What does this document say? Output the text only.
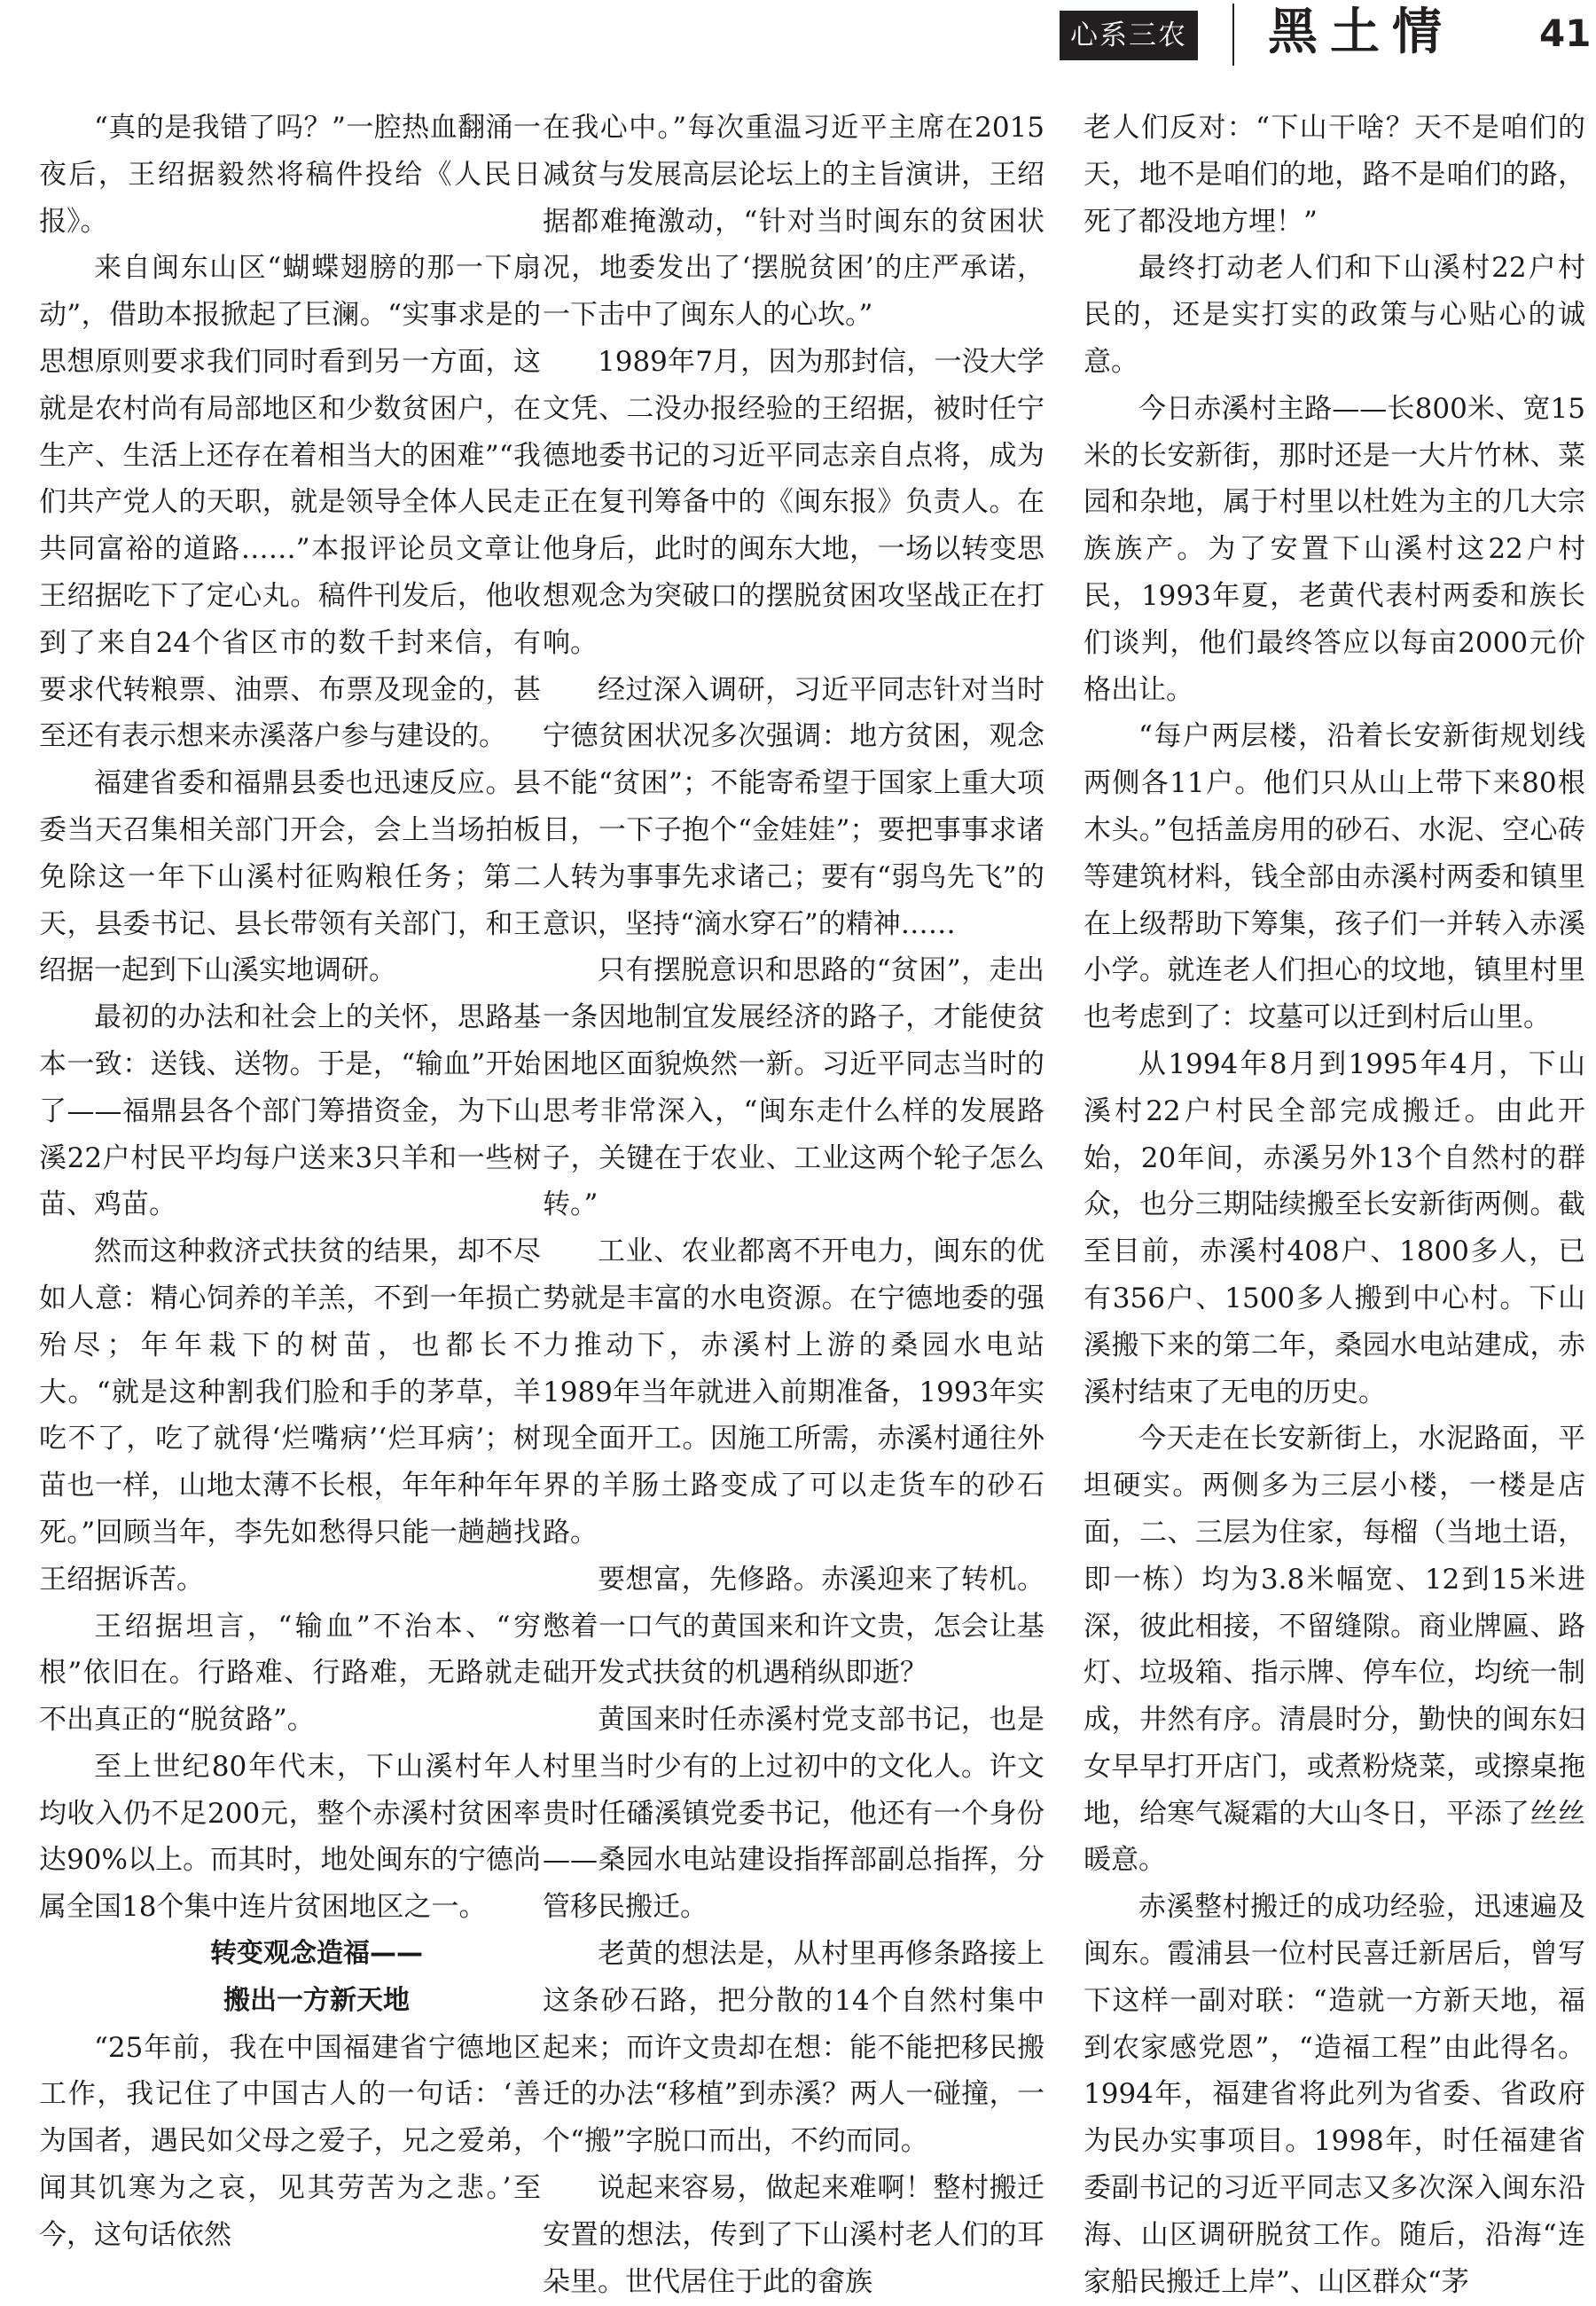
心系三农 黑土情 41

“真的是我错了吗？”一腔热血翻涌一夜后，王绍据毅然将稿件投给《人民日报》。

来自闽东山区“蝴蝶翅膀的那一下扇动”，借助本报掀起了巨澜。“实事求是的思想原则要求我们同时看到另一方面，这就是农村尚有局部地区和少数贫困户，在生产、生活上还存在着相当大的困难”“我们共产党人的天职，就是领导全体人民走共同富裕的道路……”本报评论员文章让王绍据吃下了定心丸。稿件刊发后，他收到了来自24个省区市的数千封来信，有要求代转粮票、油票、布票及现金的，甚至还有表示想来赤溪落户参与建设的。

福建省委和福鼎县委也迅速反应。县委当天召集相关部门开会，会上当场拍板免除这一年下山溪村征购粮任务；第二天，县委书记、县长带领有关部门，和王绍据一起到下山溪实地调研。

最初的办法和社会上的关怀，思路基本一致：送钱、送物。于是，“输血”开始了——福鼎县各个部门筹措资金，为下山溪22户村民平均每户送来3只羊和一些树苗、鸡苗。

然而这种救济式扶贫的结果，却不尽如人意：精心饲养的羊羔，不到一年损亡殆尽；年年栽下的树苗，也都长不大。“就是这种割我们脸和手的茅草，羊吃不了，吃了就得‘烂嘴病’‘烂耳病’；树苗也一样，山地太薄不长根，年年种年年死。”回顾当年，李先如愁得只能一趟趟找王绍据诉苦。

王绍据坦言，“输血”不治本、“穷根”依旧在。行路难、行路难，无路就走不出真正的“脱贫路”。

至上世纪80年代末，下山溪村年人均收入仍不足200元，整个赤溪村贫困率达90%以上。而其时，地处闽东的宁德尚属全国18个集中连片贫困地区之一。

转变观念造福——

搬出一方新天地

“25年前，我在中国福建省宁德地区工作，我记住了中国古人的一句话：‘善为国者，遇民如父母之爱子，兄之爱弟，闻其饥寒为之哀，见其劳苦为之悲。’至今，这句话依然

在我心中。”每次重温习近平主席在2015减贫与发展高层论坛上的主旨演讲，王绍据都难掩激动，“针对当时闽东的贫困状况，地委发出了‘摆脱贫困’的庄严承诺，一下击中了闽东人的心坎。”

1989年7月，因为那封信，一没大学文凭、二没办报经验的王绍据，被时任宁德地委书记的习近平同志亲自点将，成为正在复刊筹备中的《闽东报》负责人。在他身后，此时的闽东大地，一场以转变思想观念为突破口的摆脱贫困攻坚战正在打响。

经过深入调研，习近平同志针对当时宁德贫困状况多次强调：地方贫困，观念不能“贫困”；不能寄希望于国家上重大项目，一下子抱个“金娃娃”；要把事事求诸人转为事事先求诸己；要有“弱鸟先飞”的意识，坚持“滴水穿石”的精神……

只有摆脱意识和思路的“贫困”，走出一条因地制宜发展经济的路子，才能使贫困地区面貌焕然一新。习近平同志当时的思考非常深入，“闽东走什么样的发展路子，关键在于农业、工业这两个轮子怎么转。”

工业、农业都离不开电力，闽东的优势就是丰富的水电资源。在宁德地委的强力推动下，赤溪村上游的桑园水电站1989年当年就进入前期准备，1993年实现全面开工。因施工所需，赤溪村通往外界的羊肠土路变成了可以走货车的砂石路。

要想富，先修路。赤溪迎来了转机。憋着一口气的黄国来和许文贵，怎会让基础开发式扶贫的机遇稍纵即逝？

黄国来时任赤溪村党支部书记，也是村里当时少有的上过初中的文化人。许文贵时任磻溪镇党委书记，他还有一个身份——桑园水电站建设指挥部副总指挥，分管移民搬迁。

老黄的想法是，从村里再修条路接上这条砂石路，把分散的14个自然村集中起来；而许文贵却在想：能不能把移民搬迁的办法“移植”到赤溪？两人一碰撞，一个“搬”字脱口而出，不约而同。

说起来容易，做起来难啊！整村搬迁安置的想法，传到了下山溪村老人们的耳朵里。世代居住于此的畲族

老人们反对：“下山干啥？天不是咱们的天，地不是咱们的地，路不是咱们的路，死了都没地方埋！”

最终打动老人们和下山溪村22户村民的，还是实打实的政策与心贴心的诚意。

今日赤溪村主路——长800米、宽15米的长安新街，那时还是一大片竹林、菜园和杂地，属于村里以杜姓为主的几大宗族族产。为了安置下山溪村这22户村民，1993年夏，老黄代表村两委和族长们谈判，他们最终答应以每亩2000元价格出让。

“每户两层楼，沿着长安新街规划线两侧各11户。他们只从山上带下来80根木头。”包括盖房用的砂石、水泥、空心砖等建筑材料，钱全部由赤溪村两委和镇里在上级帮助下筹集，孩子们一并转入赤溪小学。就连老人们担心的坟地，镇里村里也考虑到了：坟墓可以迁到村后山里。

从1994年8月到1995年4月，下山溪村22户村民全部完成搬迁。由此开始，20年间，赤溪另外13个自然村的群众，也分三期陆续搬至长安新街两侧。截至目前，赤溪村408户、1800多人，已有356户、1500多人搬到中心村。下山溪搬下来的第二年，桑园水电站建成，赤溪村结束了无电的历史。

今天走在长安新街上，水泥路面，平坦硬实。两侧多为三层小楼，一楼是店面，二、三层为住家，每榴（当地土语，即一栋）均为3.8米幅宽、12到15米进深，彼此相接，不留缝隙。商业牌匾、路灯、垃圾箱、指示牌、停车位，均统一制成，井然有序。清晨时分，勤快的闽东妇女早早打开店门，或煮粉烧菜，或擦桌拖地，给寒气凝霜的大山冬日，平添了丝丝暖意。

赤溪整村搬迁的成功经验，迅速遍及闽东。霞浦县一位村民喜迁新居后，曾写下这样一副对联：“造就一方新天地，福到农家感党恩”，“造福工程”由此得名。1994年，福建省将此列为省委、省政府为民办实事项目。1998年，时任福建省委副书记的习近平同志又多次深入闽东沿海、山区调研脱贫工作。随后，沿海“连家船民搬迁上岸”、山区群众“茅
